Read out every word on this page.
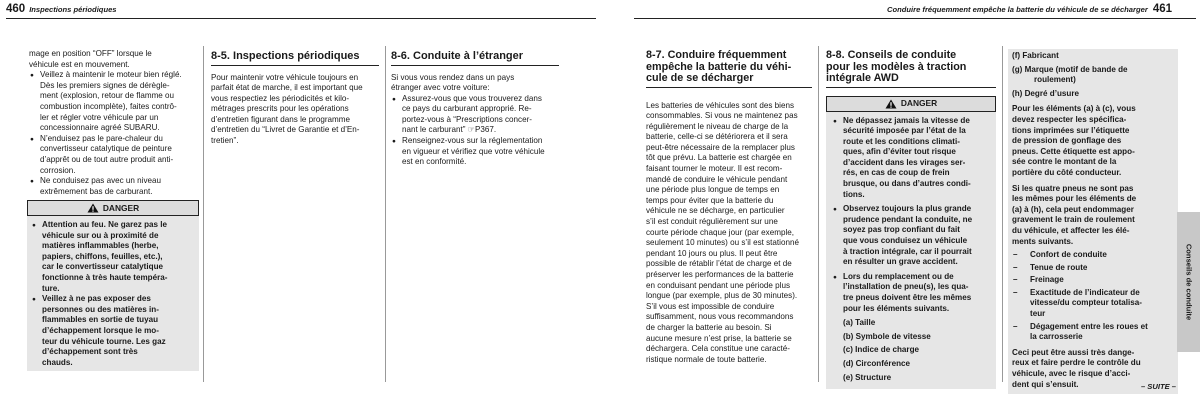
460 Inspections périodiques
mage en position “OFF” lorsque le
véhicule est en mouvement.
●
Veillez à maintenir le moteur bien réglé.
Dès les premiers signes de dérègle-
ment (explosion, retour de flamme ou
combustion incomplète), faites contrô-
ler et régler votre véhicule par un
concessionnaire agréé SUBARU.
●
N’enduisez pas le pare-chaleur du
convertisseur catalytique de peinture
d’apprêt ou de tout autre produit anti-
corrosion.
●
Ne conduisez pas avec un niveau
extrêmement bas de carburant.
DANGER
●
Attention au feu. Ne garez pas le
véhicule sur ou à proximité de
matières inflammables (herbe,
papiers, chiffons, feuilles, etc.),
car le convertisseur catalytique
fonctionne à très haute tempéra-
ture.
●
Veillez à ne pas exposer des
personnes ou des matières in-
flammables en sortie de tuyau
d’échappement lorsque le mo-
teur du véhicule tourne. Les gaz
d’échappement sont très
chauds.
8-5. Inspections périodiques
Pour maintenir votre véhicule toujours en
parfait état de marche, il est important que
vous respectiez les périodicités et kilo-
métrages prescrits pour les opérations
d’entretien figurant dans le programme
d’entretien du “Livret de Garantie et d’En-
tretien”.
8-6. Conduite à l’étranger
Si vous vous rendez dans un pays
étranger avec votre voiture:
●
Assurez-vous que vous trouverez dans
ce pays du carburant approprié. Re-
portez-vous à “Prescriptions concer-
nant le carburant” ☞P367.
●
Renseignez-vous sur la réglementation
en vigueur et vérifiez que votre véhicule
est en conformité.
Conduire fréquemment empêche la batterie du véhicule de se décharger 461
8-7. Conduire fréquemment
empêche la batterie du véhi-
cule de se décharger
Les batteries de véhicules sont des biens
consommables. Si vous ne maintenez pas
régulièrement le niveau de charge de la
batterie, celle-ci se détériorera et il sera
peut-être nécessaire de la remplacer plus
tôt que prévu. La batterie est chargée en
faisant tourner le moteur. Il est recom-
mandé de conduire le véhicule pendant
une période plus longue de temps en
temps pour éviter que la batterie du
véhicule ne se décharge, en particulier
s’il est conduit régulièrement sur une
courte période chaque jour (par exemple,
seulement 10 minutes) ou s’il est stationné
pendant 10 jours ou plus. Il peut être
possible de rétablir l’état de charge et de
préserver les performances de la batterie
en conduisant pendant une période plus
longue (par exemple, plus de 30 minutes).
S’il vous est impossible de conduire
suffisamment, nous vous recommandons
de charger la batterie au besoin. Si
aucune mesure n’est prise, la batterie se
déchargera. Cela constitue une caracté-
ristique normale de toute batterie.
8-8. Conseils de conduite
pour les modèles à traction
intégrale AWD
DANGER
●
Ne dépassez jamais la vitesse de
sécurité imposée par l’état de la
route et les conditions climati-
ques, afin d’éviter tout risque
d’accident dans les virages ser-
rés, en cas de coup de frein
brusque, ou dans d’autres condi-
tions.
●
Observez toujours la plus grande
prudence pendant la conduite, ne
soyez pas trop confiant du fait
que vous conduisez un véhicule
à traction intégrale, car il pourrait
en résulter un grave accident.
●
Lors du remplacement ou de
l’installation de pneu(s), les qua-
tre pneus doivent être les mêmes
pour les éléments suivants.
(a) Taille
(b) Symbole de vitesse
(c) Indice de charge
(d) Circonférence
(e) Structure
(f) Fabricant
(g) Marque (motif de bande de
roulement)
(h) Degré d’usure
Pour les éléments (a) à (c), vous
devez respecter les spécifica-
tions imprimées sur l’étiquette
de pression de gonflage des
pneus. Cette étiquette est appo-
sée contre le montant de la
portière du côté conducteur.
Si les quatre pneus ne sont pas
les mêmes pour les éléments de
(a) à (h), cela peut endommager
gravement le train de roulement
du véhicule, et affecter les élé-
ments suivants.
– Confort de conduite
– Tenue de route
– Freinage
– Exactitude de l’indicateur de
vitesse/du compteur totalisa-
teur
– Dégagement entre les roues et
la carrosserie
Ceci peut être aussi très dange-
reux et faire perdre le contrôle du
véhicule, avec le risque d’acci-
dent qui s’ensuit.	– SUITE –
Conseils de conduite
